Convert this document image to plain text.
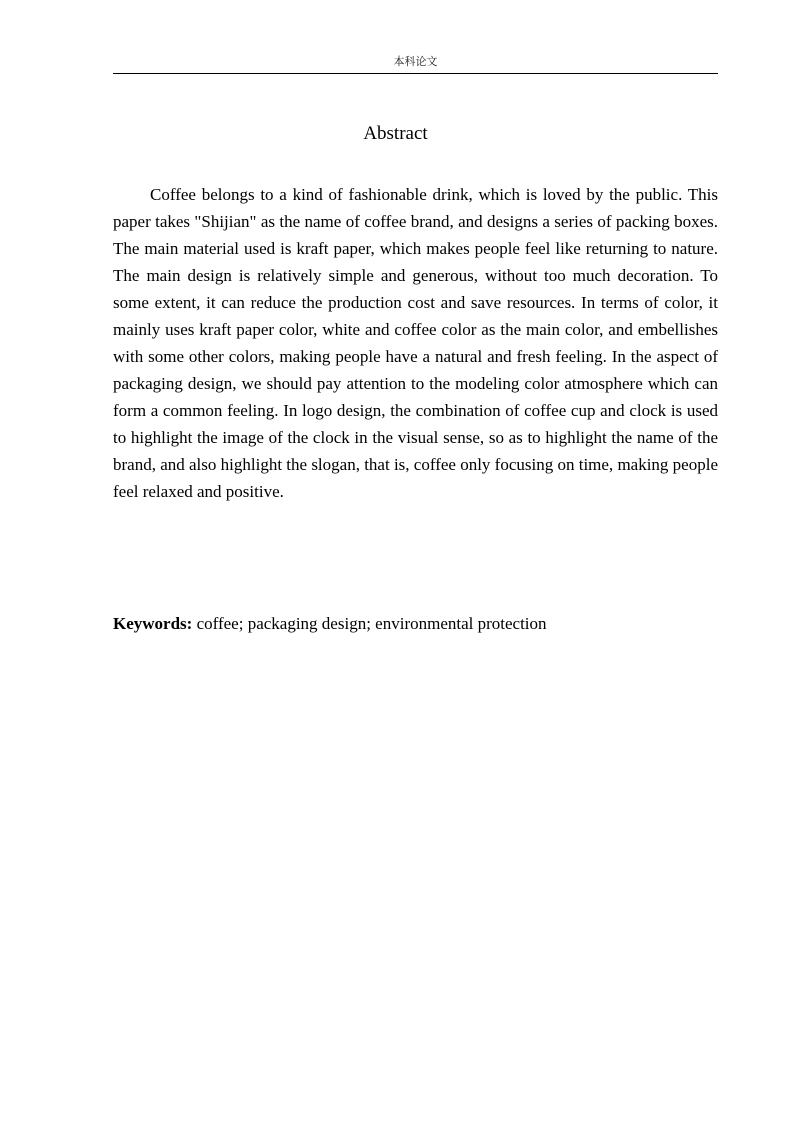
本科论文
Abstract

Coffee belongs to a kind of fashionable drink, which is loved by the public. This paper takes "Shijian" as the name of coffee brand, and designs a series of packing boxes. The main material used is kraft paper, which makes people feel like returning to nature. The main design is relatively simple and generous, without too much decoration. To some extent, it can reduce the production cost and save resources. In terms of color, it mainly uses kraft paper color, white and coffee color as the main color, and embellishes with some other colors, making people have a natural and fresh feeling. In the aspect of packaging design, we should pay attention to the modeling color atmosphere which can form a common feeling. In logo design, the combination of coffee cup and clock is used to highlight the image of the clock in the visual sense, so as to highlight the name of the brand, and also highlight the slogan, that is, coffee only focusing on time, making people feel relaxed and positive.

Keywords: coffee; packaging design; environmental protection
